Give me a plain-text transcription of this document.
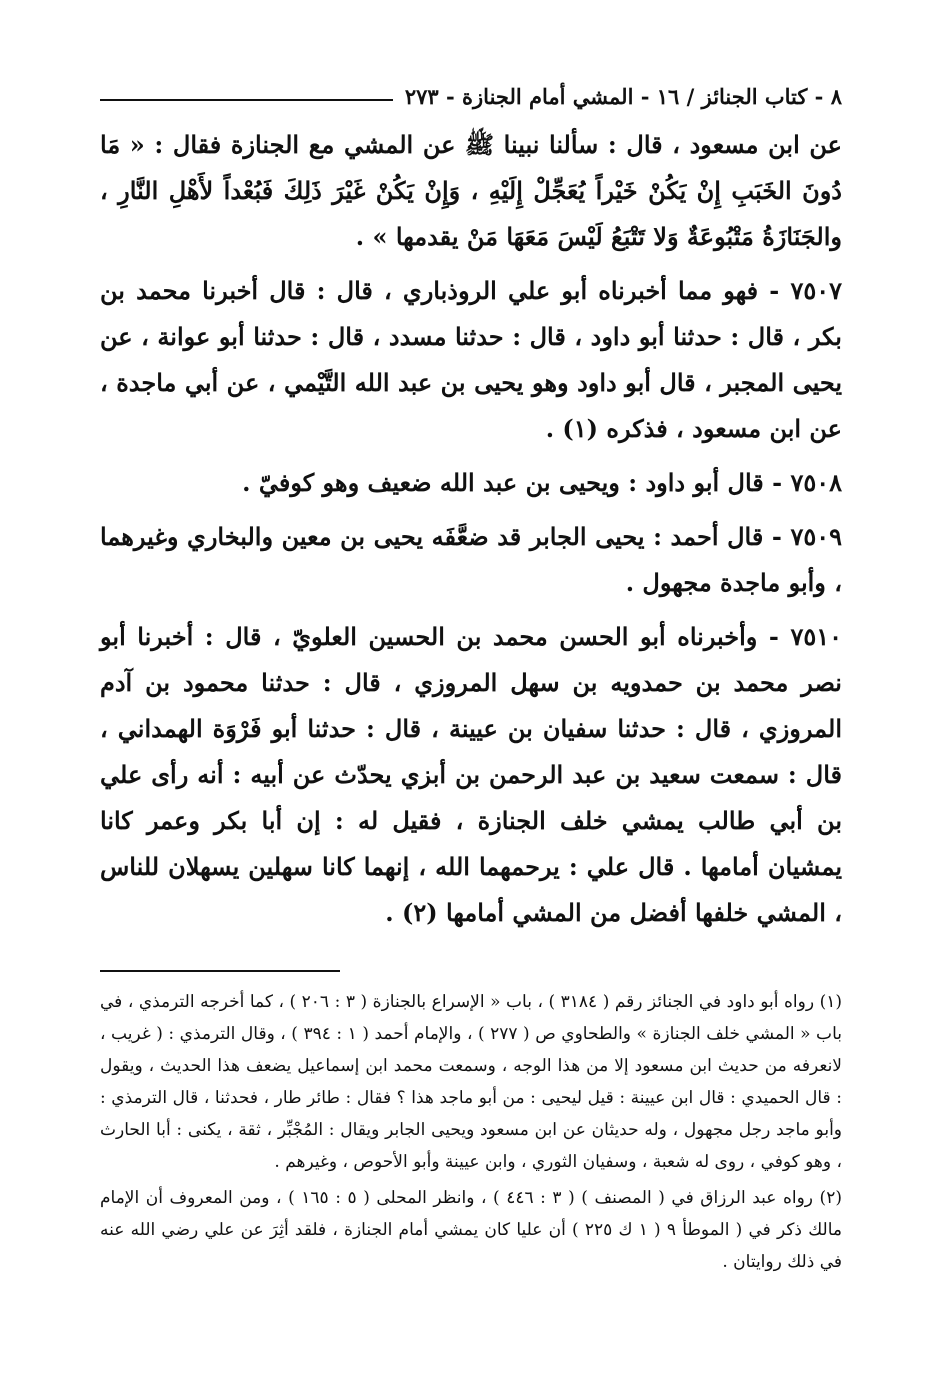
٨ - كتاب الجنائز / ١٦ - المشي أمام الجنازة - ٢٧٣

عن ابن مسعود ، قال : سألنا نبينا ﷺ عن المشي مع الجنازة فقال : « مَا دُونَ الخَبَبِ إِنْ يَكُنْ خَيْراً يُعَجِّلْ إِلَيْهِ ، وَإِنْ يَكُنْ غَيْرَ ذَلِكَ فَبُعْداً لأَهْلِ النَّارِ ، والجَنَازَةُ مَتْبُوعَةٌ وَلا تَتْبَعُ لَيْسَ مَعَهَا مَنْ يقدمها » .

٧٥٠٧ - فهو مما أخبرناه أبو علي الروذباري ، قال : قال أخبرنا محمد بن بكر ، قال : حدثنا أبو داود ، قال : حدثنا مسدد ، قال : حدثنا أبو عوانة ، عن يحيى المجبر ، قال أبو داود وهو يحيى بن عبد الله التَّيْمي ، عن أبي ماجدة ، عن ابن مسعود ، فذكره (١) .

٧٥٠٨ - قال أبو داود : ويحيى بن عبد الله ضعيف وهو كوفيّ .

٧٥٠٩ - قال أحمد : يحيى الجابر قد ضعَّفَه يحيى بن معين والبخاري وغيرهما ، وأبو ماجدة مجهول .

٧٥١٠ - وأخبرناه أبو الحسن محمد بن الحسين العلويّ ، قال : أخبرنا أبو نصر محمد بن حمدويه بن سهل المروزي ، قال : حدثنا محمود بن آدم المروزي ، قال : حدثنا سفيان بن عيينة ، قال : حدثنا أبو فَرْوَة الهمداني ، قال : سمعت سعيد بن عبد الرحمن بن أبزي يحدّث عن أبيه : أنه رأى علي بن أبي طالب يمشي خلف الجنازة ، فقيل له : إن أبا بكر وعمر كانا يمشيان أمامها . قال علي : يرحمهما الله ، إنهما كانا سهلين يسهلان للناس ، المشي خلفها أفضل من المشي أمامها (٢) .

(١) رواه أبو داود في الجنائز رقم ( ٣١٨٤ ) ، باب « الإسراع بالجنازة ( ٣ : ٢٠٦ ) ، كما أخرجه الترمذي ، في باب « المشي خلف الجنازة » والطحاوي ص ( ٢٧٧ ) ، والإمام أحمد ( ١ : ٣٩٤ ) ، وقال الترمذي : ( غريب ، لانعرفه من حديث ابن مسعود إلا من هذا الوجه ، وسمعت محمد ابن إسماعيل يضعف هذا الحديث ، ويقول : قال الحميدي : قال ابن عيينة : قيل ليحيى : من أبو ماجد هذا ؟ فقال : طائر طار ، فحدثنا ، قال الترمذي : وأبو ماجد رجل مجهول ، وله حديثان عن ابن مسعود ويحيى الجابر ويقال : المُجْبِّر ، ثقة ، يكنى : أبا الحارث ، وهو كوفي ، روى له شعبة ، وسفيان الثوري ، وابن عيينة وأبو الأحوص ، وغيرهم .

(٢) رواه عبد الرزاق في ( المصنف ) ( ٣ : ٤٤٦ ) ، وانظر المحلى ( ٥ : ١٦٥ ) ، ومن المعروف أن الإمام مالك ذكر في ( الموطأ ٩ ( ١ ك ٢٢٥ ) أن عليا كان يمشي أمام الجنازة ، فلقد أثِرَ عن علي رضي الله عنه في ذلك روايتان .
